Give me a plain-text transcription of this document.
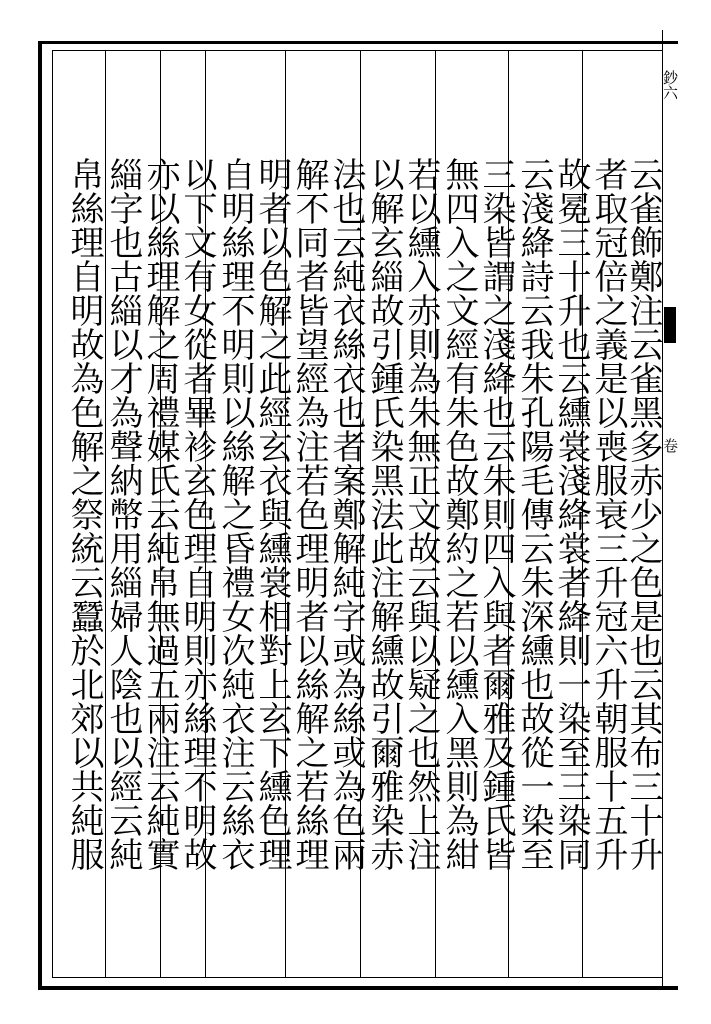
鈔六
卷
云雀飾鄭注云雀黑多赤少之色是也云其布三十升
者取冠倍之義是以喪服衰三升冠六升朝服十五升
故冕三十升也云纁裳淺絳裳者絳則一染至三染同
云淺絳詩云我朱孔陽毛傳云朱深纁也故從一染至
三染皆謂之淺絳也云朱則四入與者爾雅及鍾氏皆
無四入之文經有朱色故鄭約之若以纁入黑則為紺
若以纁入赤則為朱無正文故云與以疑之也然上注
以解玄緇故引鍾氏染黑法此注解纁故引爾雅染赤
法也云純衣絲衣也者案鄭解純字或為絲或為色兩
解不同者皆望經為注若色理明者以絲解之若絲理
明者以色解之此經玄衣與纁裳相對上玄下纁色理
自明絲理不明則以絲解之昏禮女次純衣注云絲衣
以下文有女從者畢袗玄色理自明則亦絲理不明故
亦以絲理解之周禮媒氏云純帛無過五兩注云純實
緇字也古緇以才為聲納幣用緇婦人陰也以經云純
帛絲理自明故為色解之祭統云蠶於北郊以共純服
